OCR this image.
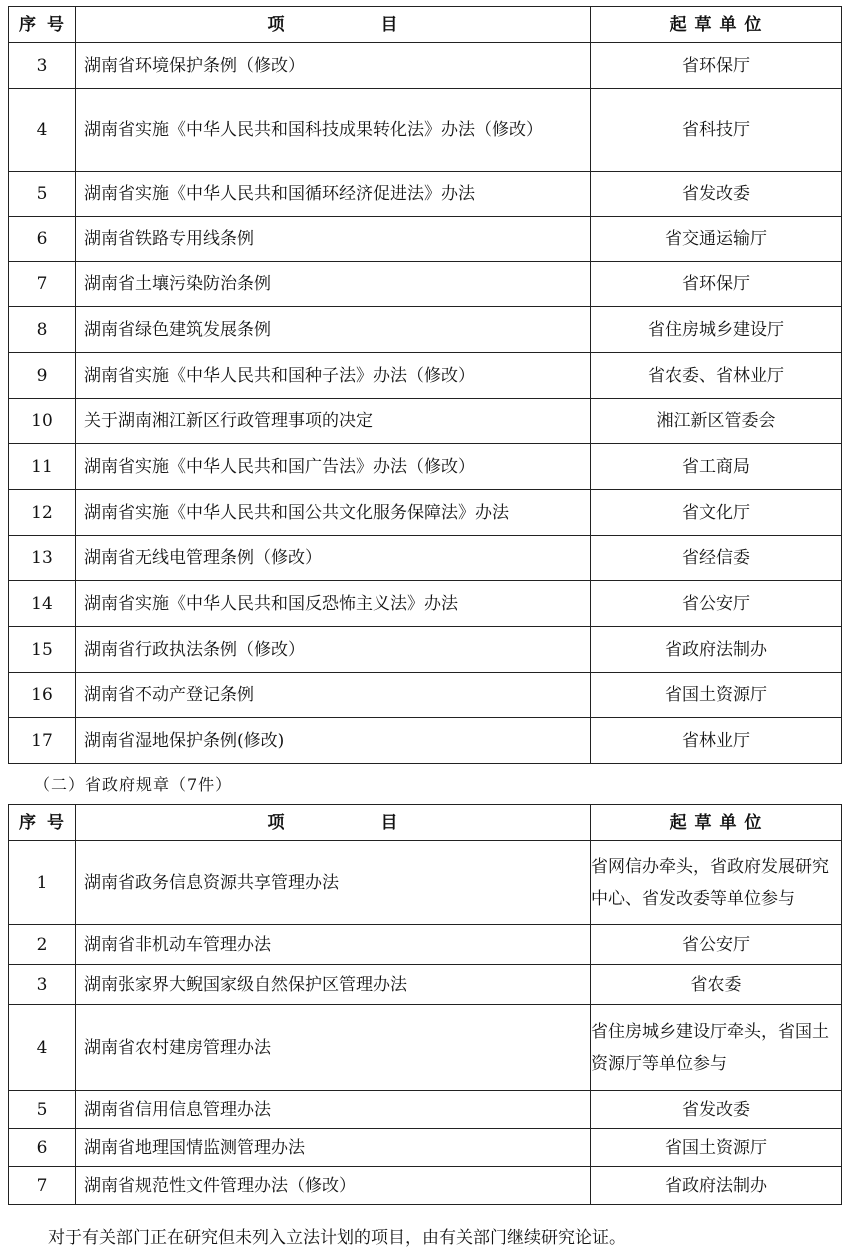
序 号	项 目	起 草 单 位
3	湖南省环境保护条例（修改）	省环保厅
4	湖南省实施《中华人民共和国科技成果转化法》办法（修改）	省科技厅
5	湖南省实施《中华人民共和国循环经济促进法》办法	省发改委
6	湖南省铁路专用线条例	省交通运输厅
7	湖南省土壤污染防治条例	省环保厅
8	湖南省绿色建筑发展条例	省住房城乡建设厅
9	湖南省实施《中华人民共和国种子法》办法（修改）	省农委、省林业厅
10	关于湖南湘江新区行政管理事项的决定	湘江新区管委会
11	湖南省实施《中华人民共和国广告法》办法（修改）	省工商局
12	湖南省实施《中华人民共和国公共文化服务保障法》办法	省文化厅
13	湖南省无线电管理条例（修改）	省经信委
14	湖南省实施《中华人民共和国反恐怖主义法》办法	省公安厅
15	湖南省行政执法条例（修改）	省政府法制办
16	湖南省不动产登记条例	省国土资源厅
17	湖南省湿地保护条例(修改)	省林业厅
（二）省政府规章（7件）
序 号	项 目	起 草 单 位
1	湖南省政务信息资源共享管理办法	省网信办牵头，省政府发展研究中心、省发改委等单位参与
2	湖南省非机动车管理办法	省公安厅
3	湖南张家界大鲵国家级自然保护区管理办法	省农委
4	湖南省农村建房管理办法	省住房城乡建设厅牵头，省国土资源厅等单位参与
5	湖南省信用信息管理办法	省发改委
6	湖南省地理国情监测管理办法	省国土资源厅
7	湖南省规范性文件管理办法（修改）	省政府法制办
对于有关部门正在研究但未列入立法计划的项目，由有关部门继续研究论证。
